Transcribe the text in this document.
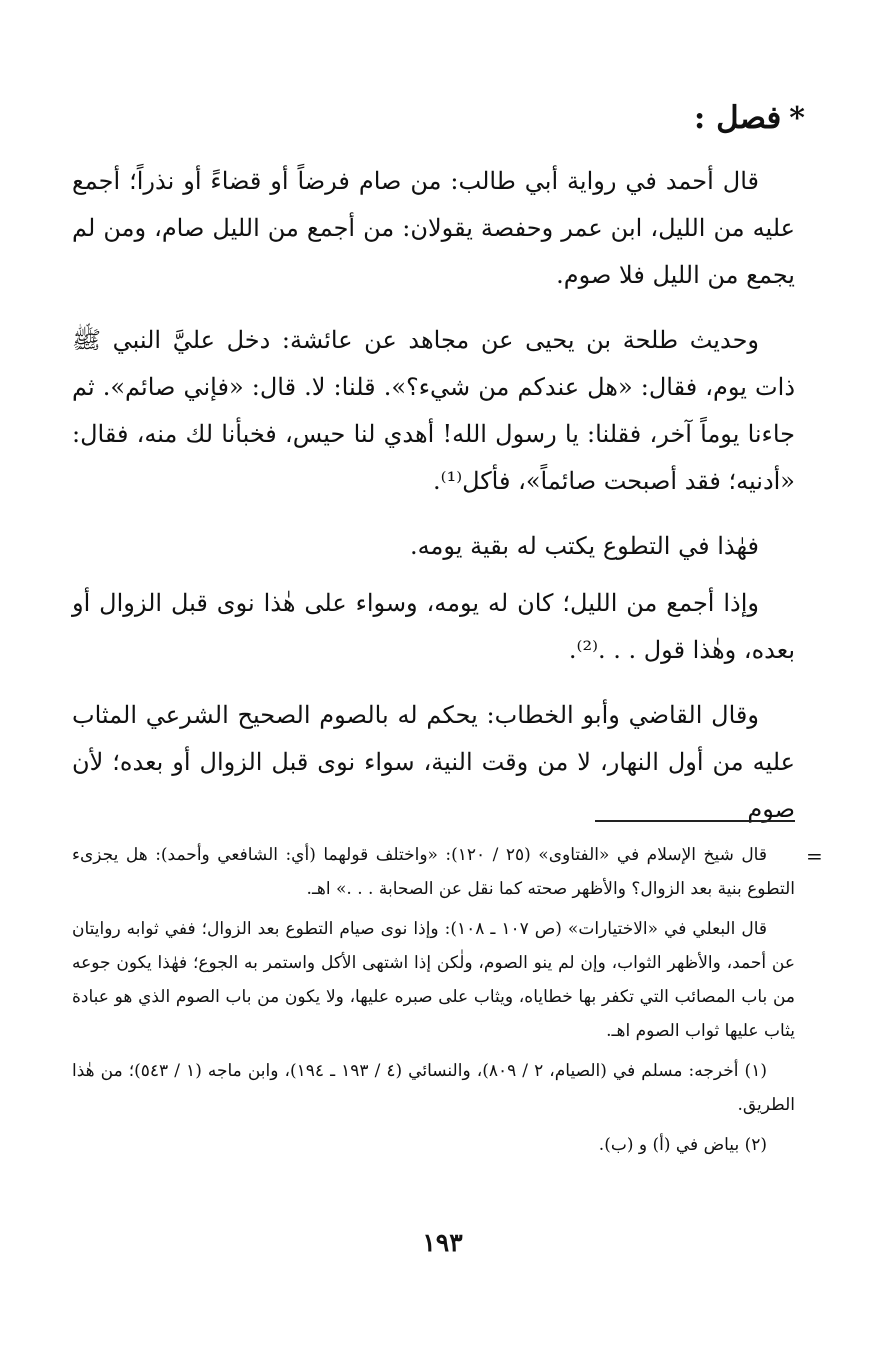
*فصل :

قال أحمد في رواية أبي طالب: من صام فرضاً أو قضاءً أو نذراً؛ أجمع عليه من الليل، ابن عمر وحفصة يقولان: من أجمع من الليل صام، ومن لم يجمع من الليل فلا صوم.

وحديث طلحة بن يحيى عن مجاهد عن عائشة: دخل عليَّ النبي ﷺ ذات يوم، فقال: «هل عندكم من شيء؟». قلنا: لا. قال: «فإني صائم». ثم جاءنا يوماً آخر، فقلنا: يا رسول الله! أهدي لنا حيس، فخبأنا لك منه، فقال: «أدنيه؛ فقد أصبحت صائماً»، فأكل⁽¹⁾.

فهٰذا في التطوع يكتب له بقية يومه.

وإذا أجمع من الليل؛ كان له يومه، وسواء على هٰذا نوى قبل الزوال أو بعده، وهٰذا قول . . .⁽²⁾.

وقال القاضي وأبو الخطاب: يحكم له بالصوم الصحيح الشرعي المثاب عليه من أول النهار، لا من وقت النية، سواء نوى قبل الزوال أو بعده؛ لأن صوم

=

قال شيخ الإسلام في «الفتاوى» (٢٥ / ١٢٠): «واختلف قولهما (أي: الشافعي وأحمد): هل يجزىء التطوع بنية بعد الزوال؟ والأظهر صحته كما نقل عن الصحابة . . .» اهـ.

قال البعلي في «الاختيارات» (ص ١٠٧ ـ ١٠٨): وإذا نوى صيام التطوع بعد الزوال؛ ففي ثوابه روايتان عن أحمد، والأظهر الثواب، وإن لم ينو الصوم، ولٰكن إذا اشتهى الأكل واستمر به الجوع؛ فهٰذا يكون جوعه من باب المصائب التي تكفر بها خطاياه، ويثاب على صبره عليها، ولا يكون من باب الصوم الذي هو عبادة يثاب عليها ثواب الصوم اهـ.

(١) أخرجه: مسلم في (الصيام، ٢ / ٨٠٩)، والنسائي (٤ / ١٩٣ ـ ١٩٤)، وابن ماجه (١ / ٥٤٣)؛ من هٰذا الطريق.

(٢) بياض في (أ) و (ب).

١٩٣
